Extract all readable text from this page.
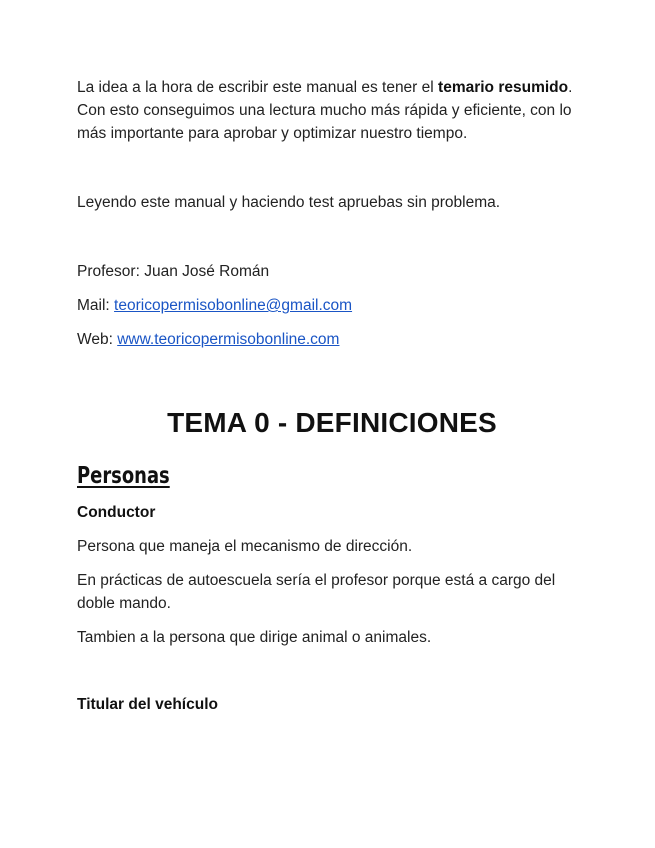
La idea a la hora de escribir este manual es tener el temario resumido. Con esto conseguimos una lectura mucho más rápida y eficiente, con lo más importante para aprobar y optimizar nuestro tiempo.

Leyendo este manual y haciendo test apruebas sin problema.

Profesor: Juan José Román

Mail: teoricopermisobonline@gmail.com

Web: www.teoricopermisobonline.com

TEMA 0 - DEFINICIONES
Personas

Conductor

Persona que maneja el mecanismo de dirección.

En prácticas de autoescuela sería el profesor porque está a cargo del doble mando.

Tambien a la persona que dirige animal o animales.

Titular del vehículo
